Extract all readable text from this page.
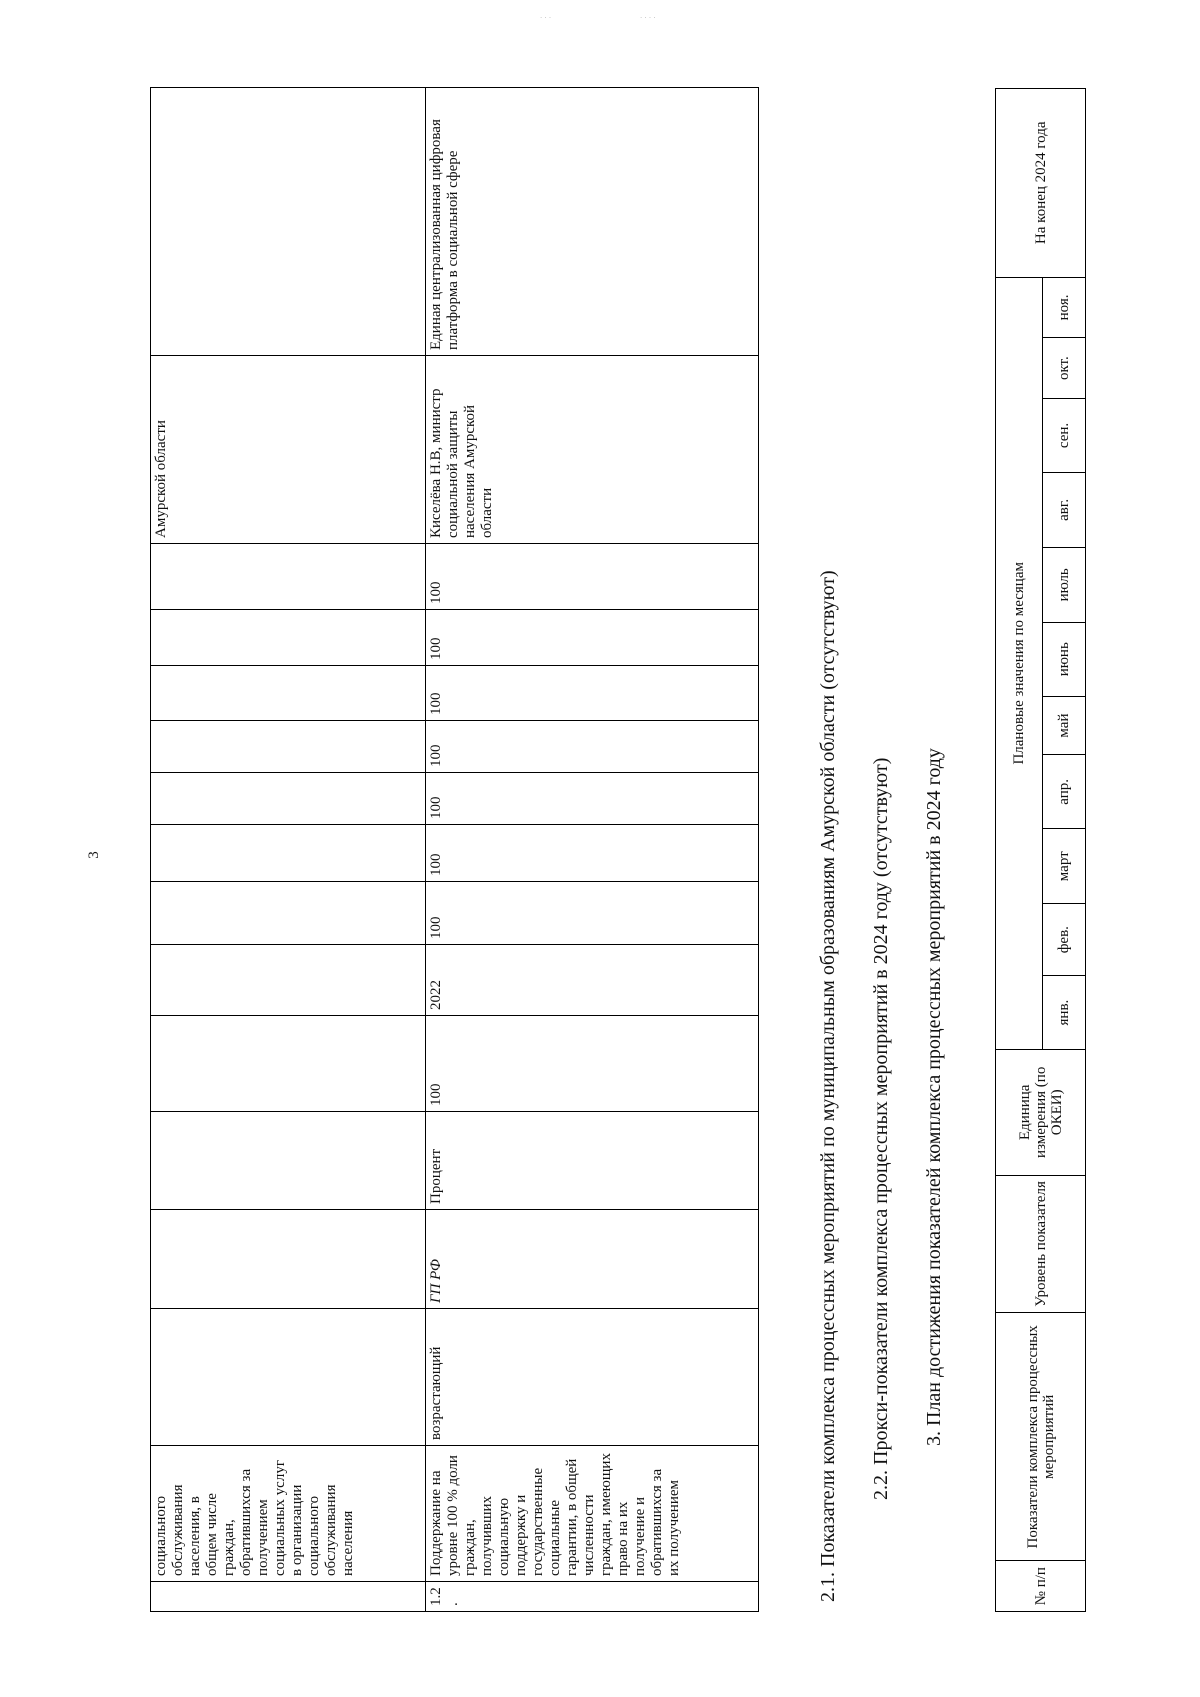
3
· · ·	· · · ·
	социального обслуживания населения, в общем числе граждан, обратившихся за получением социальных услуг в организации социального обслуживания населения													Амурской области	
1.2.	Поддержание на уровне 100 % доли граждан, получивших социальную поддержку и государственные социальные гарантии, в общей численности граждан, имеющих право на их получение и обратившихся за их получением	возрастающий	ГП РФ	Процент	100	2022	100	100	100	100	100	100	100	Киселёва Н.В, министр социальной защиты населения Амурской области	Единая централизованная цифровая платформа в социальной сфере
2.1. Показатели комплекса процессных мероприятий по муниципальным образованиям Амурской области (отсутствуют) 2.2. Прокси-показатели комплекса процессных мероприятий в 2024 году (отсутствуют) 3. План достижения показателей комплекса процессных мероприятий в 2024 году
№ п/п	Показатели комплекса процессных мероприятий	Уровень показателя	Единица измерения (по ОКЕИ)	Плановые значения по месяцам											На конец 2024 года
				янв.	фев.	март	апр.	май	июнь	июль	авг.	сен.	окт.	ноя.	
